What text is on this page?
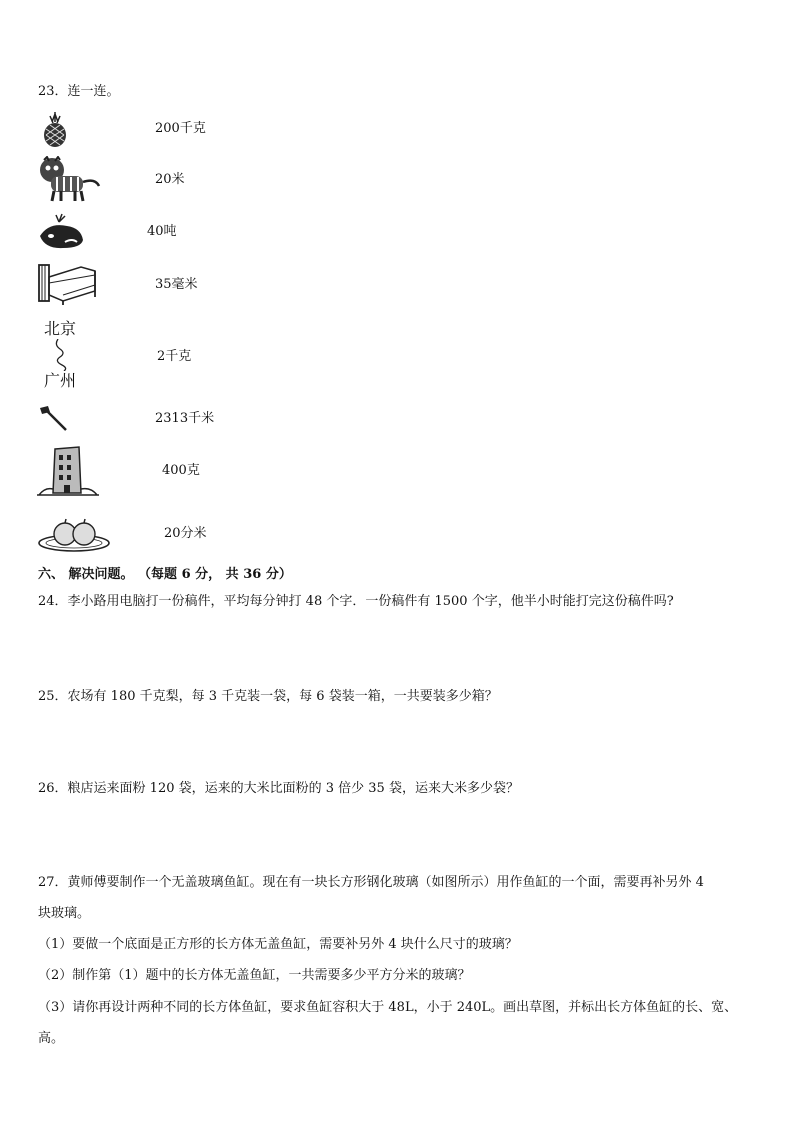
23．连一连。
200千克
20米
40吨
35毫米
北京
广州
2千克
2313千米
400克
20分米
六、 解决问题。 （每题 6 分， 共 36 分）
24．李小路用电脑打一份稿件，平均每分钟打 48 个字．一份稿件有 1500 个字，他半小时能打完这份稿件吗?
25．农场有 180 千克梨，每 3 千克装一袋，每 6 袋装一箱，一共要装多少箱？
26．粮店运来面粉 120 袋，运来的大米比面粉的 3 倍少 35 袋，运来大米多少袋？
27．黄师傅要制作一个无盖玻璃鱼缸。现在有一块长方形钢化玻璃（如图所示）用作鱼缸的一个面，需要再补另外 4
块玻璃。
（1）要做一个底面是正方形的长方体无盖鱼缸，需要补另外 4 块什么尺寸的玻璃？
（2）制作第（1）题中的长方体无盖鱼缸，一共需要多少平方分米的玻璃？
（3）请你再设计两种不同的长方体鱼缸，要求鱼缸容积大于 48L，小于 240L。画出草图，并标出长方体鱼缸的长、宽、
高。
